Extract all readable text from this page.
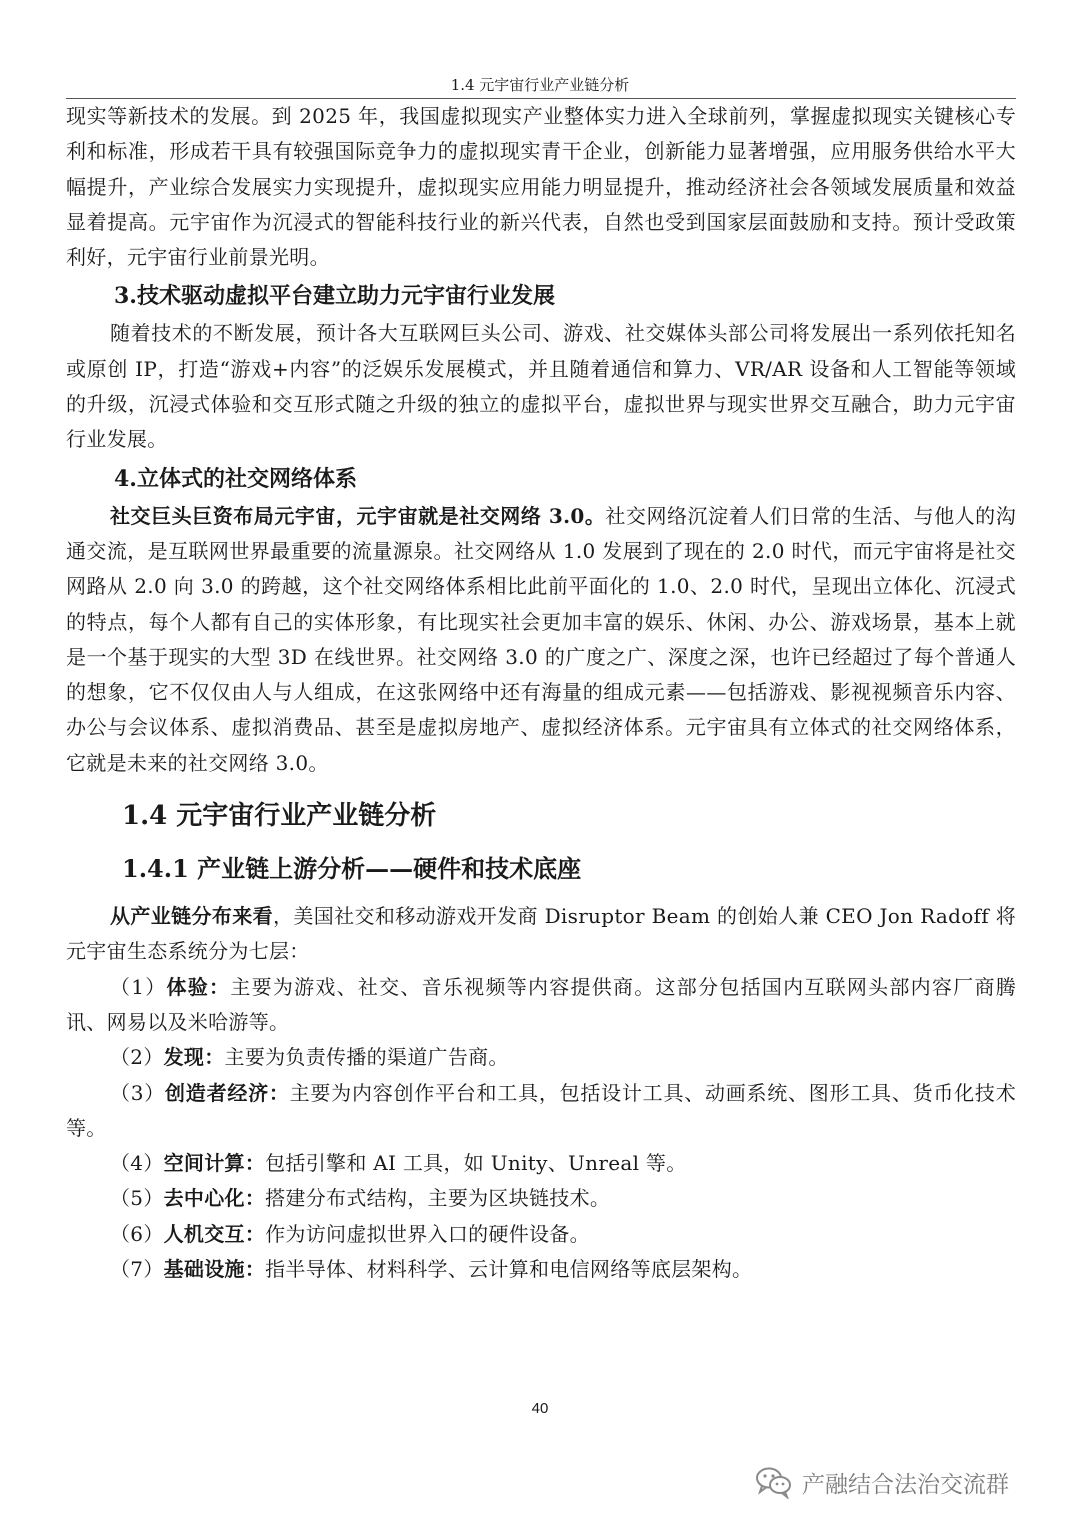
1.4 元宇宙行业产业链分析

现实等新技术的发展。到 2025 年，我国虚拟现实产业整体实力进入全球前列，掌握虚拟现实关键核心专利和标准，形成若干具有较强国际竞争力的虚拟现实青干企业，创新能力显著增强，应用服务供给水平大幅提升，产业综合发展实力实现提升，虚拟现实应用能力明显提升，推动经济社会各领域发展质量和效益显着提高。元宇宙作为沉浸式的智能科技行业的新兴代表，自然也受到国家层面鼓励和支持。预计受政策利好，元宇宙行业前景光明。

3.技术驱动虚拟平台建立助力元宇宙行业发展

随着技术的不断发展，预计各大互联网巨头公司、游戏、社交媒体头部公司将发展出一系列依托知名或原创 IP，打造“游戏+内容”的泛娱乐发展模式，并且随着通信和算力、VR/AR 设备和人工智能等领域的升级，沉浸式体验和交互形式随之升级的独立的虚拟平台，虚拟世界与现实世界交互融合，助力元宇宙行业发展。

4.立体式的社交网络体系

社交巨头巨资布局元宇宙，元宇宙就是社交网络 3.0。社交网络沉淀着人们日常的生活、与他人的沟通交流，是互联网世界最重要的流量源泉。社交网络从 1.0 发展到了现在的 2.0 时代，而元宇宙将是社交网路从 2.0 向 3.0 的跨越，这个社交网络体系相比此前平面化的 1.0、2.0 时代，呈现出立体化、沉浸式的特点，每个人都有自己的实体形象，有比现实社会更加丰富的娱乐、休闲、办公、游戏场景，基本上就是一个基于现实的大型 3D 在线世界。社交网络 3.0 的广度之广、深度之深，也许已经超过了每个普通人的想象，它不仅仅由人与人组成，在这张网络中还有海量的组成元素——包括游戏、影视视频音乐内容、办公与会议体系、虚拟消费品、甚至是虚拟房地产、虚拟经济体系。元宇宙具有立体式的社交网络体系，它就是未来的社交网络 3.0。

1.4 元宇宙行业产业链分析
1.4.1 产业链上游分析——硬件和技术底座

从产业链分布来看，美国社交和移动游戏开发商 Disruptor Beam 的创始人兼 CEO Jon Radoff 将元宇宙生态系统分为七层：

（1）体验：主要为游戏、社交、音乐视频等内容提供商。这部分包括国内互联网头部内容厂商腾讯、网易以及米哈游等。

（2）发现：主要为负责传播的渠道广告商。

（3）创造者经济：主要为内容创作平台和工具，包括设计工具、动画系统、图形工具、货币化技术等。

（4）空间计算：包括引擎和 AI 工具，如 Unity、Unreal 等。

（5）去中心化：搭建分布式结构，主要为区块链技术。

（6）人机交互：作为访问虚拟世界入口的硬件设备。

（7）基础设施：指半导体、材料科学、云计算和电信网络等底层架构。

40
产融结合法治交流群
